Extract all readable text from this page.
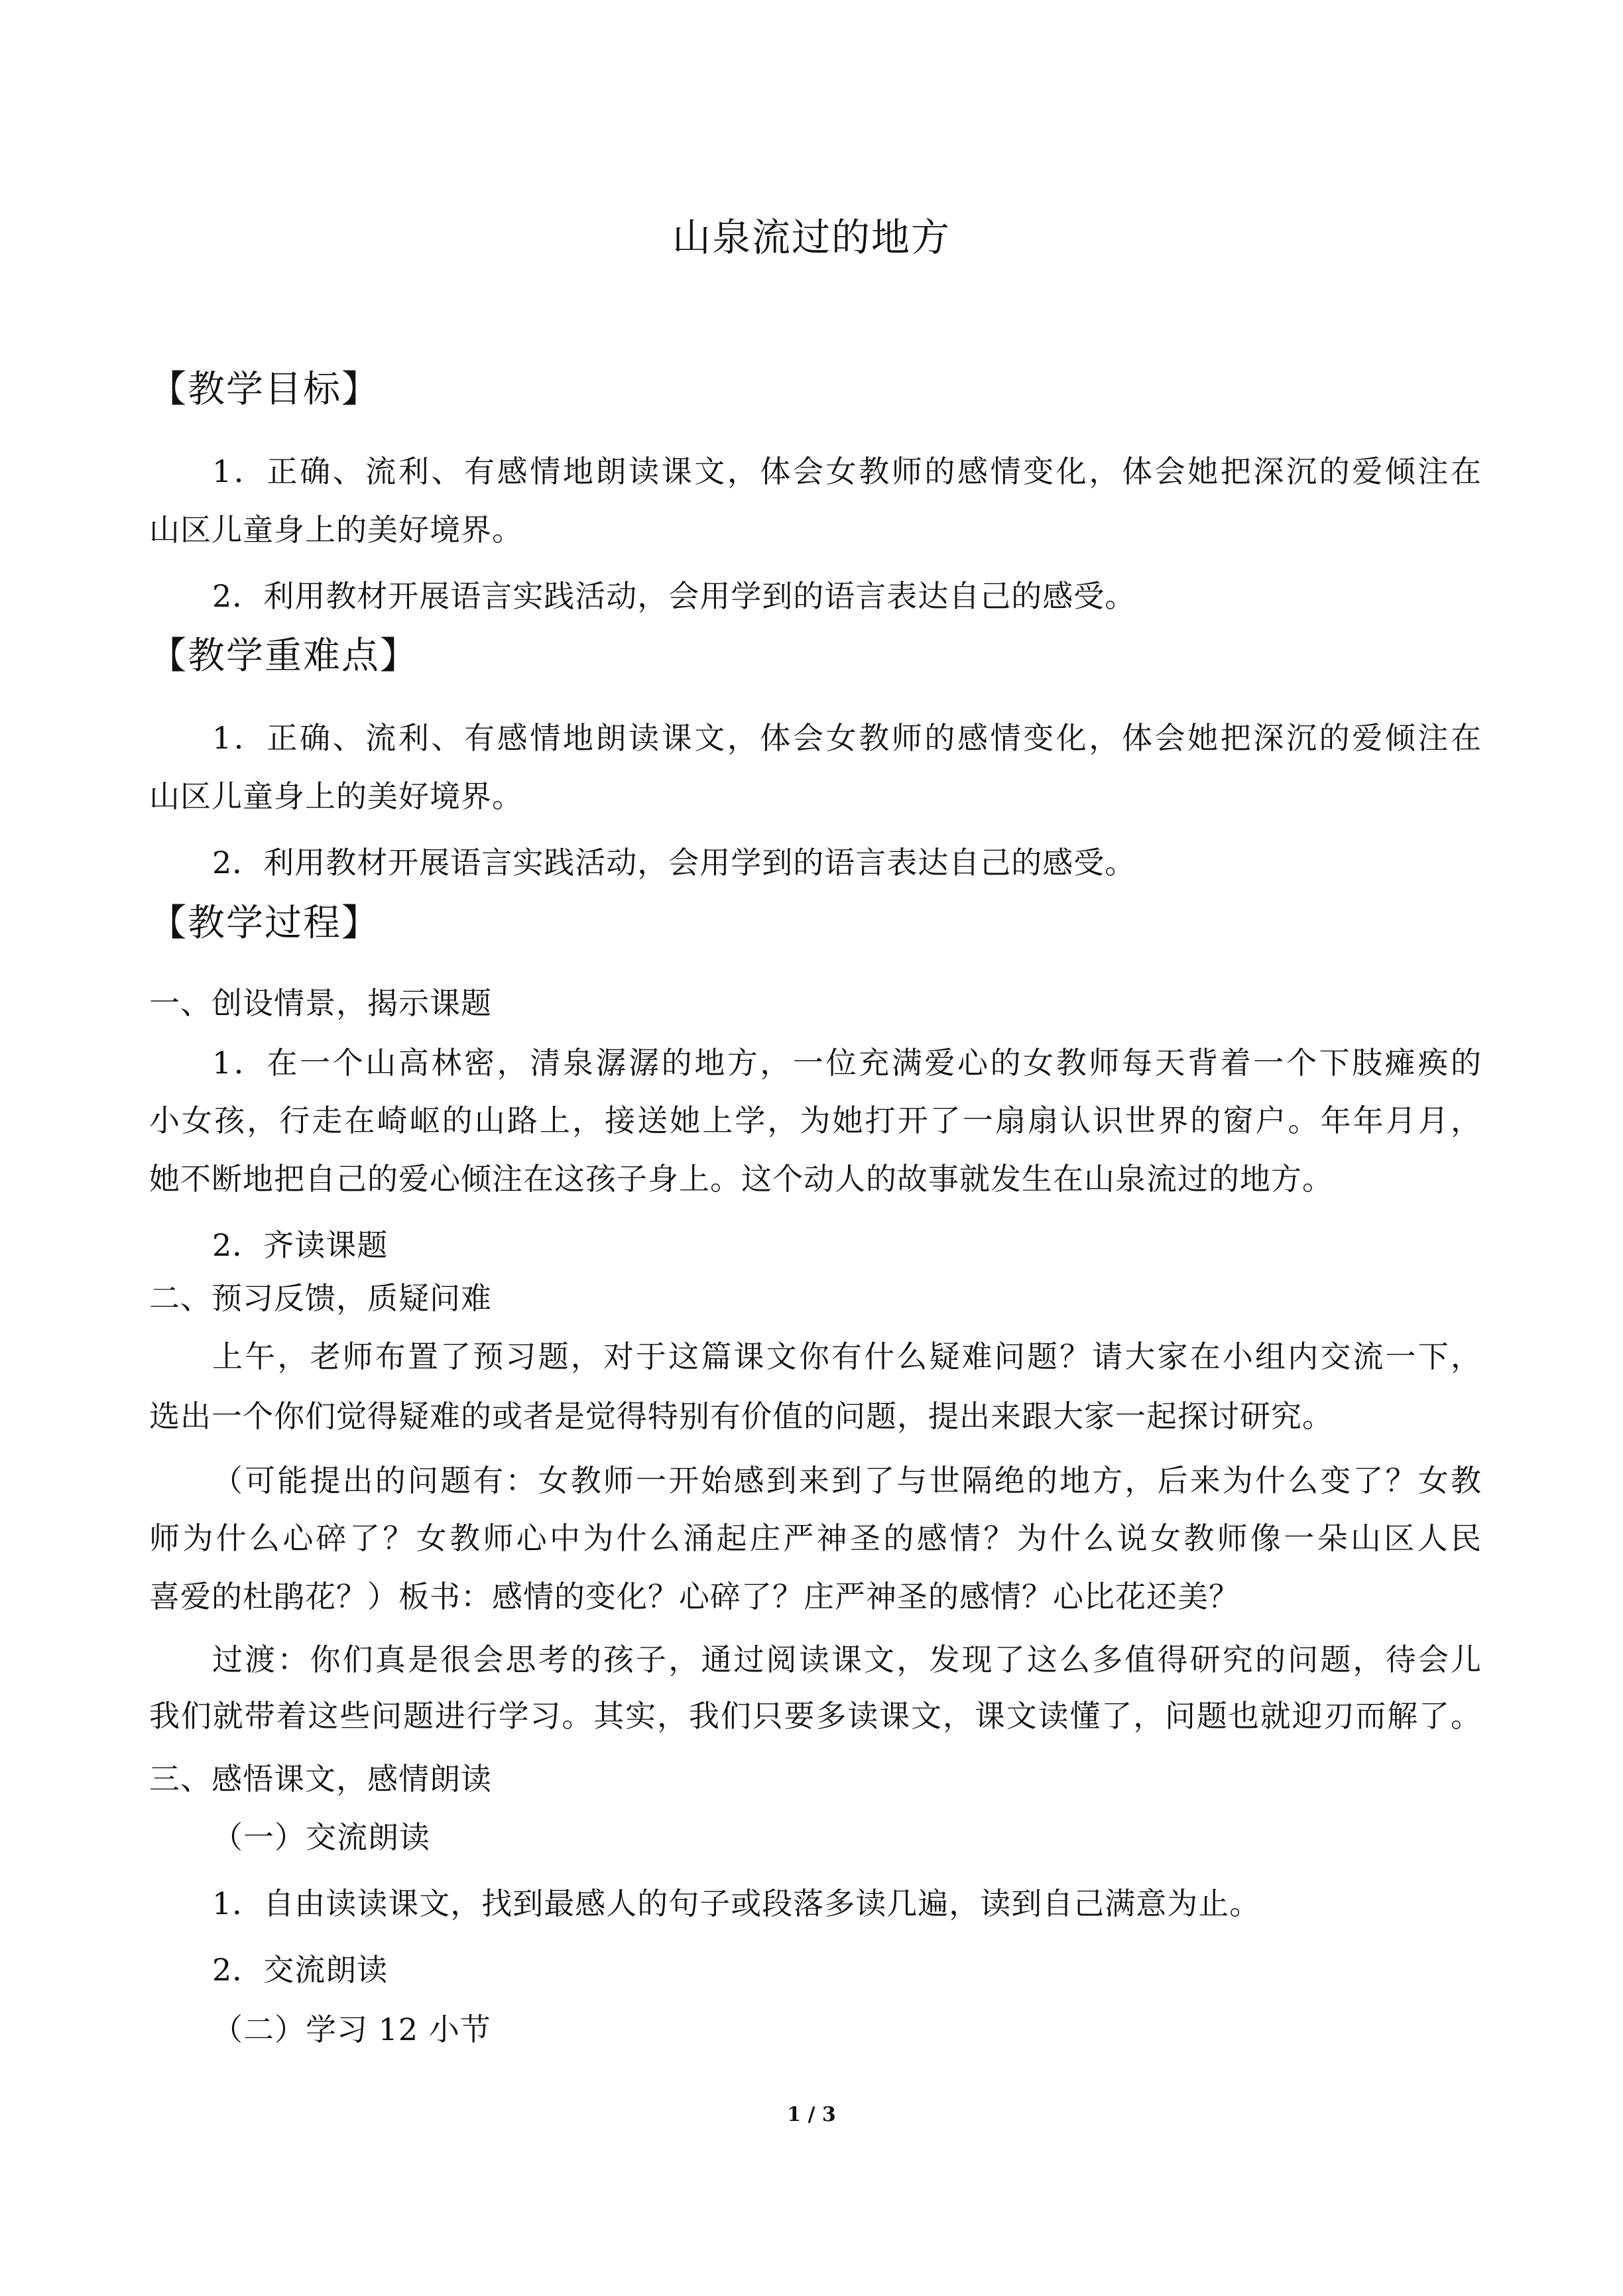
山泉流过的地方
【教学目标】
1．正确、流利、有感情地朗读课文，体会女教师的感情变化，体会她把深沉的爱倾注在
山区儿童身上的美好境界。
2．利用教材开展语言实践活动，会用学到的语言表达自己的感受。
【教学重难点】
1．正确、流利、有感情地朗读课文，体会女教师的感情变化，体会她把深沉的爱倾注在
山区儿童身上的美好境界。
2．利用教材开展语言实践活动，会用学到的语言表达自己的感受。
【教学过程】
一、创设情景，揭示课题
1．在一个山高林密，清泉潺潺的地方，一位充满爱心的女教师每天背着一个下肢瘫痪的
小女孩，行走在崎岖的山路上，接送她上学，为她打开了一扇扇认识世界的窗户。年年月月，
她不断地把自己的爱心倾注在这孩子身上。这个动人的故事就发生在山泉流过的地方。
2．齐读课题
二、预习反馈，质疑问难
上午，老师布置了预习题，对于这篇课文你有什么疑难问题？请大家在小组内交流一下，
选出一个你们觉得疑难的或者是觉得特别有价值的问题，提出来跟大家一起探讨研究。
（可能提出的问题有：女教师一开始感到来到了与世隔绝的地方，后来为什么变了？女教
师为什么心碎了？女教师心中为什么涌起庄严神圣的感情？为什么说女教师像一朵山区人民
喜爱的杜鹃花？）板书：感情的变化？心碎了？庄严神圣的感情？心比花还美？
过渡：你们真是很会思考的孩子，通过阅读课文，发现了这么多值得研究的问题，待会儿
我们就带着这些问题进行学习。其实，我们只要多读课文，课文读懂了，问题也就迎刃而解了。
三、感悟课文，感情朗读
（一）交流朗读
1．自由读读课文，找到最感人的句子或段落多读几遍，读到自己满意为止。
2．交流朗读
（二）学习 12 小节
1 / 3
